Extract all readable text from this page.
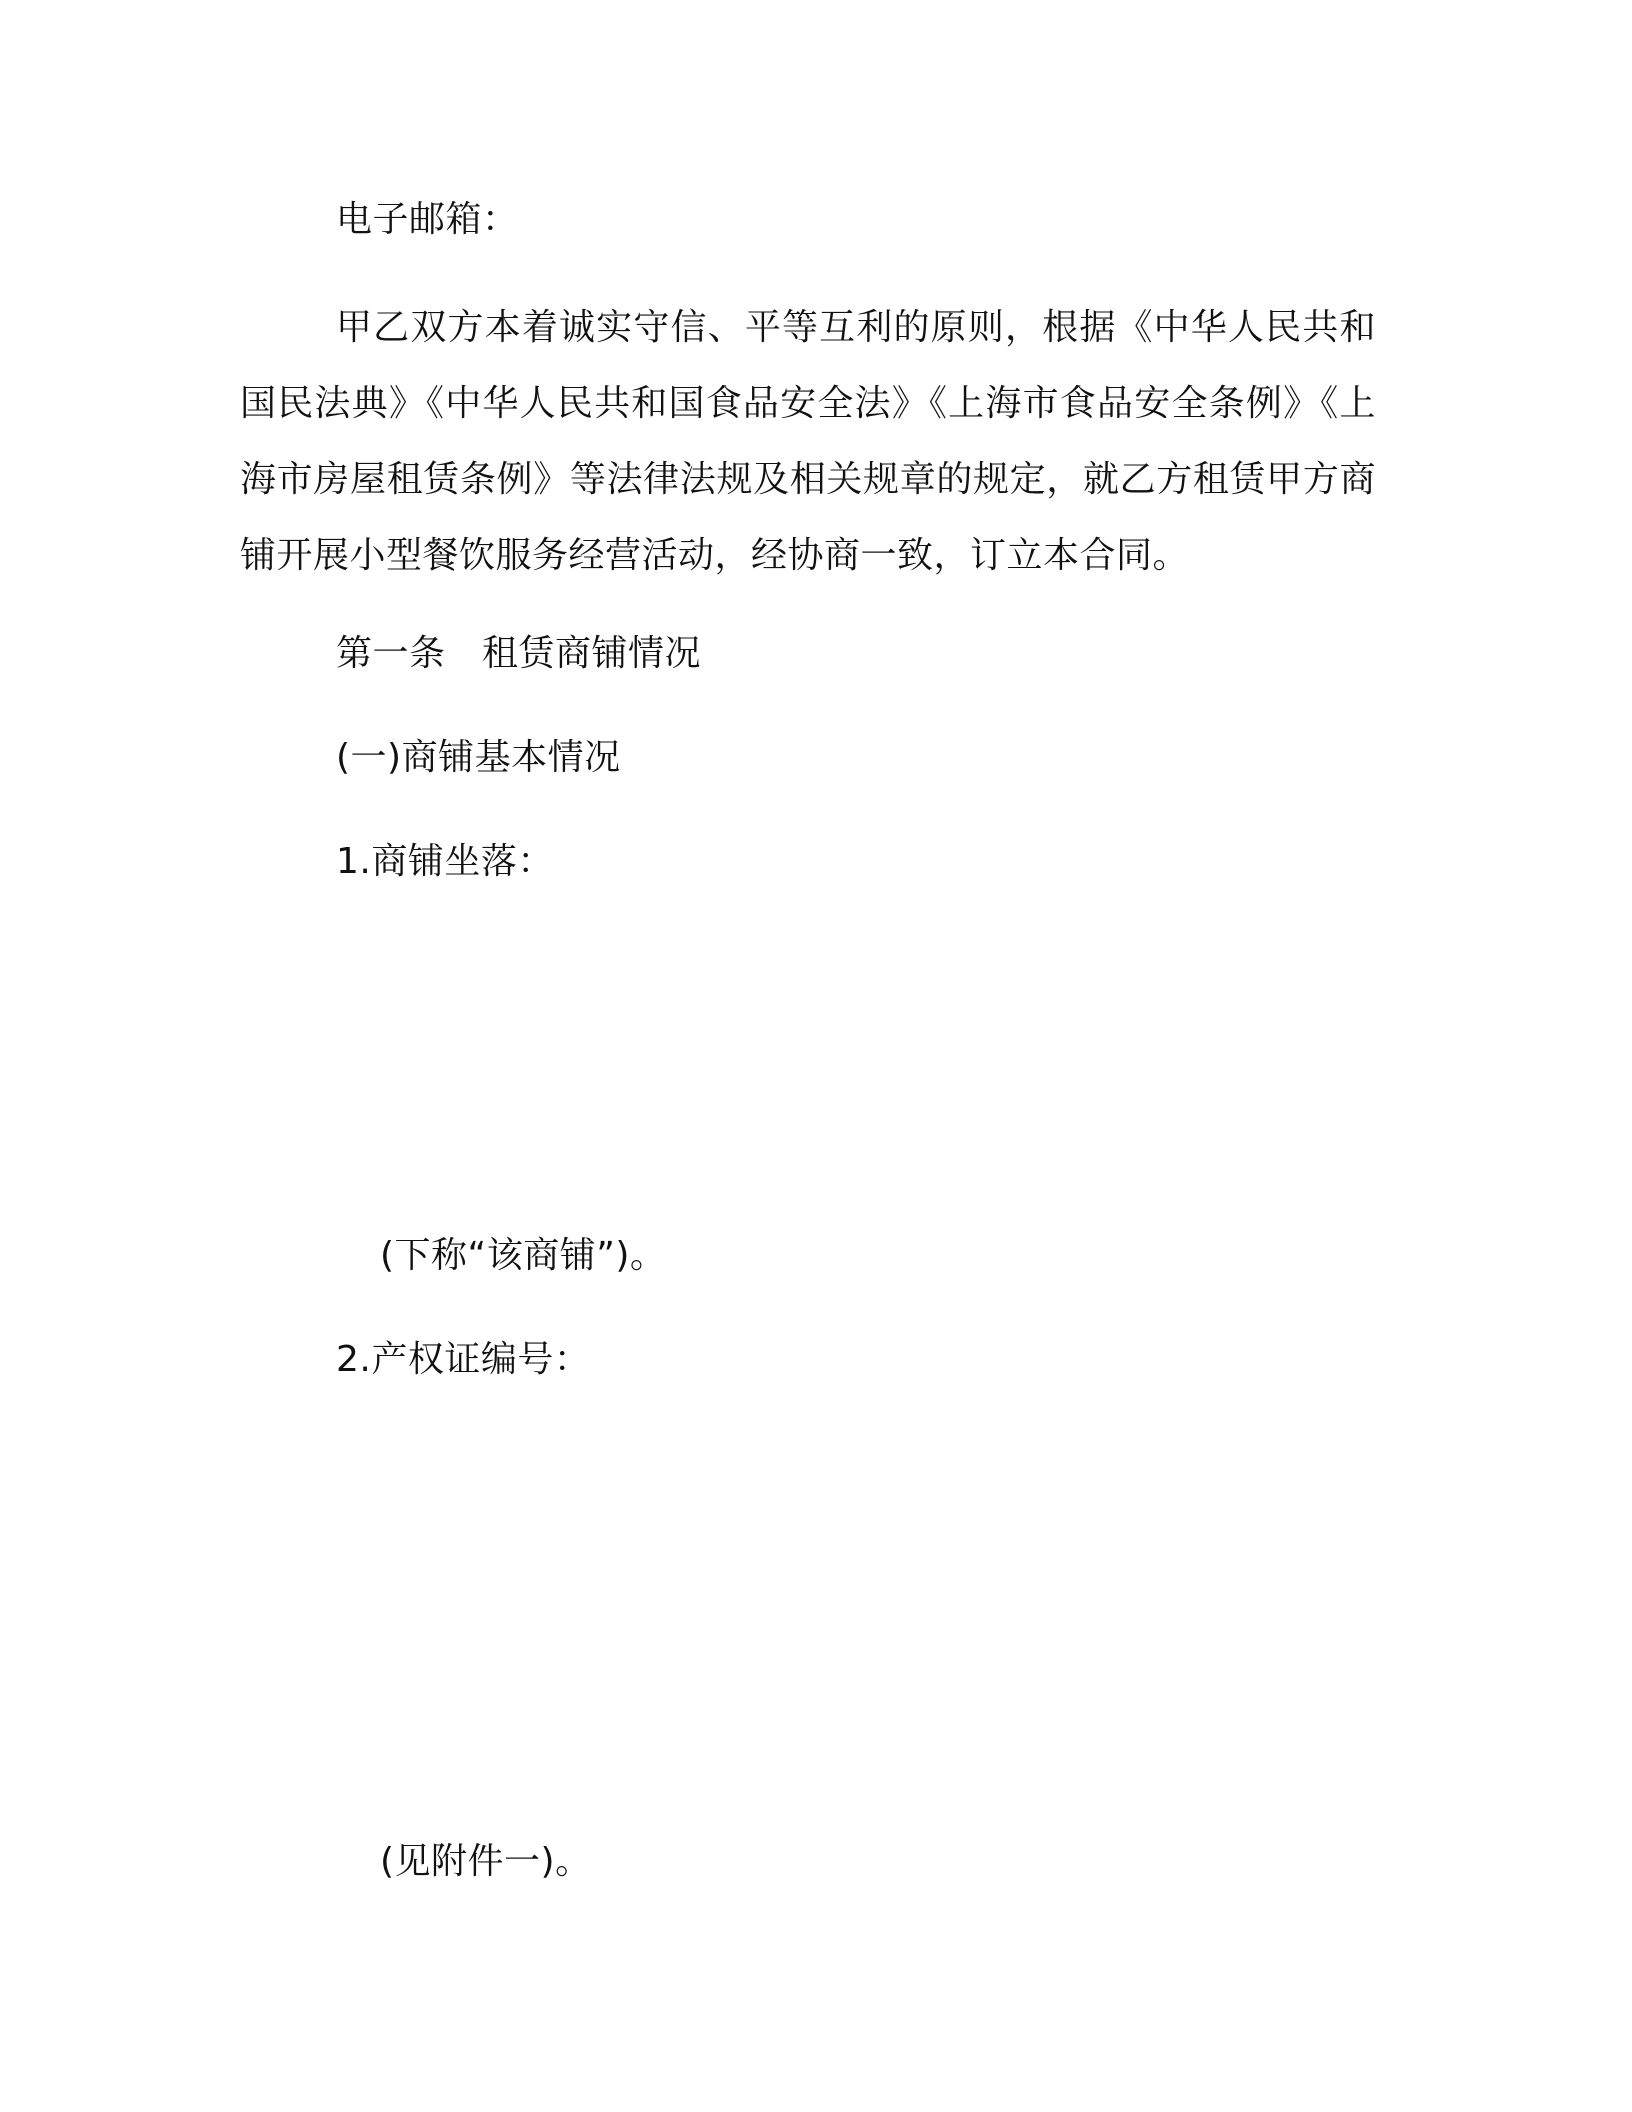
电子邮箱：
甲乙双方本着诚实守信、平等互利的原则，根据《中华人民共和国民法典》《中华人民共和国食品安全法》《上海市食品安全条例》《上海市房屋租赁条例》等法律法规及相关规章的规定，就乙方租赁甲方商铺开展小型餐饮服务经营活动，经协商一致，订立本合同。
第一条　租赁商铺情况
(一)商铺基本情况
1.商铺坐落：
(下称“该商铺”)。
2.产权证编号：
(见附件一)。
